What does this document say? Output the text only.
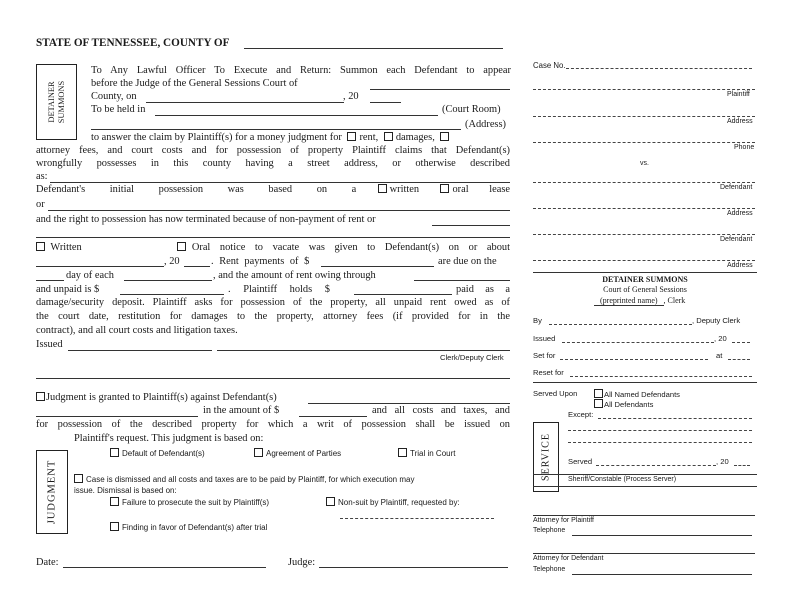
STATE OF TENNESSEE, COUNTY OF
DETAINER SUMMONS
To Any Lawful Officer To Execute and Return: Summon each Defendant to appear
before the Judge of the General Sessions Court of
County, on	, 20
To be held in	(Court Room)
(Address)
to answer the claim by Plaintiff(s) for a money judgment for rent, damages,
attorney fees, and court costs and for possession of property Plaintiff claims that Defendant(s)
wrongfully possesses in this county having a street address, or otherwise described
as:
Defendant's initial possession was based on a	written	oral lease
or
and the right to possession has now terminated because of non-payment of rent or
Written	Oral notice to vacate was given to Defendant(s) on or about
, 20	. Rent payments of $	are due on the
day of each	, and the amount of rent owing through
and unpaid is $	. Plaintiff holds $	paid as a
damage/security deposit. Plaintiff asks for possession of the property, all unpaid rent owed as of
the court date, restitution for damages to the property, attorney fees (if provided for in the
contract), and all court costs and litigation taxes.
Issued
Clerk/Deputy Clerk
Judgment is granted to Plaintiff(s) against Defendant(s)
in the amount of $	and all costs and taxes, and
for possession of the described property for which a writ of possession shall be issued on
Plaintiff's request. This judgment is based on:
JUDGMENT
Default of Defendant(s)	Agreement of Parties	Trial in Court
Case is dismissed and all costs and taxes are to be paid by Plaintiff, for which execution may
issue. Dismissal is based on:
Failure to prosecute the suit by Plaintiff(s)	Non-suit by Plaintiff, requested by:
Finding in favor of Defendant(s) after trial
Date:	Judge:
Case No.
Plaintiff
Address
Phone
vs.
Defendant
Address
Defendant
Address
DETAINER SUMMONS
Court of General Sessions
(preprinted name) , Clerk
By	, Deputy Clerk
Issued	, 20
Set for	at
Reset for
Served Upon	All Named Defendants
All Defendants
Except:
SERVICE Served	, 20
Sheriff/Constable (Process Server)
Attorney for Plaintiff
Telephone
Attorney for Defendant
Telephone
